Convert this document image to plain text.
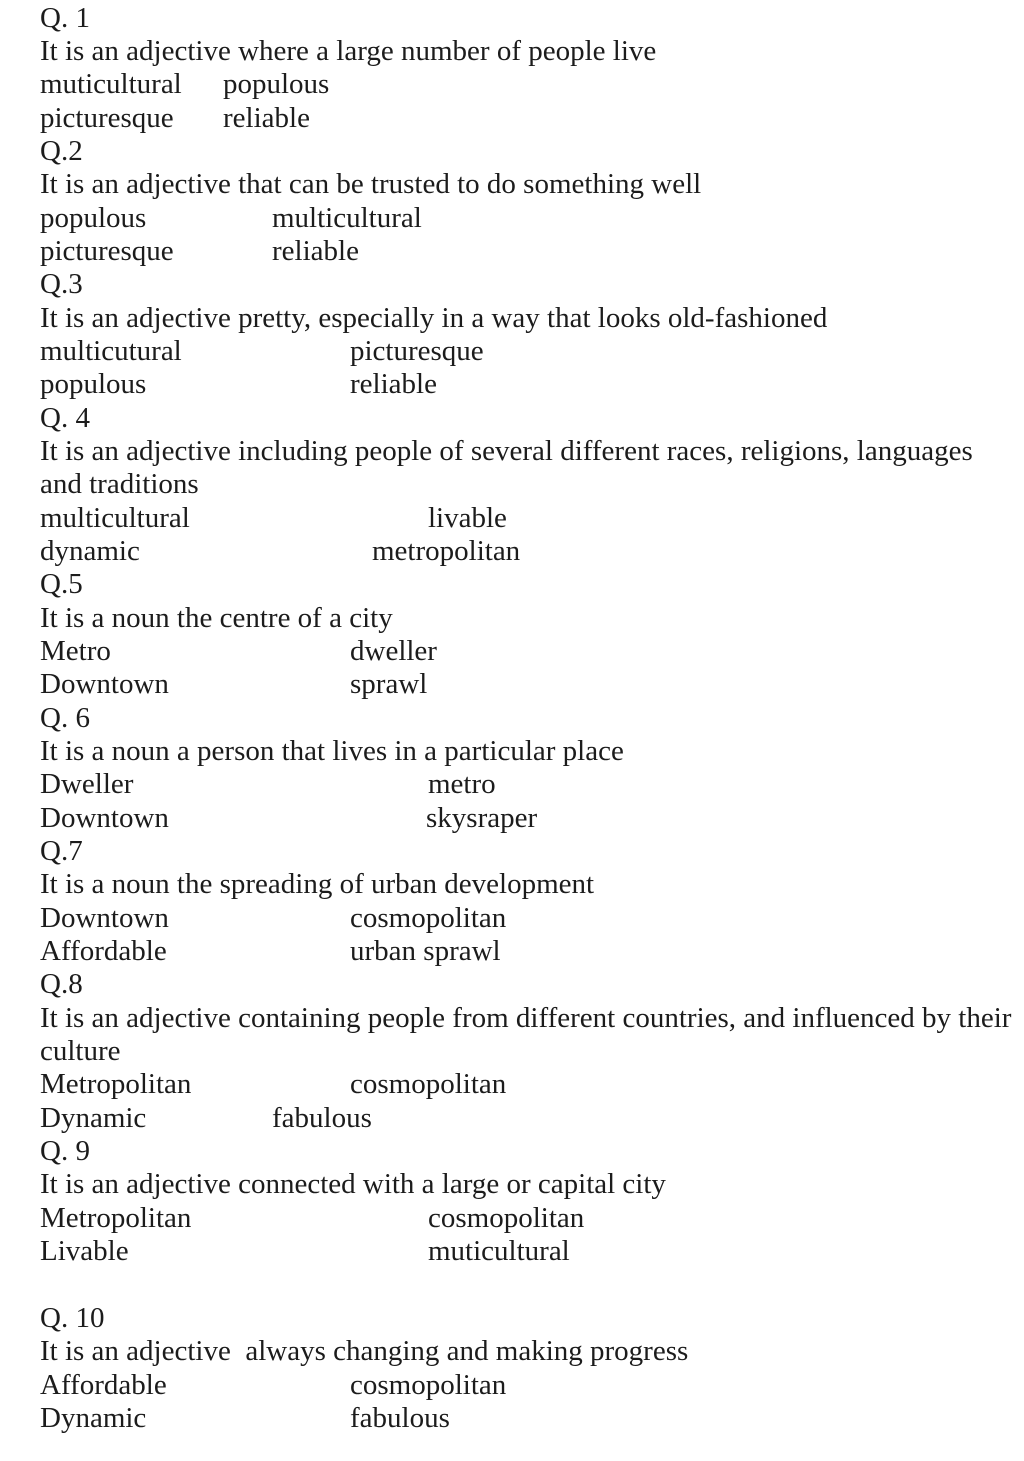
Q. 1
It is an adjective where a large number of people live
muticultural populous
picturesque reliable
Q.2
It is an adjective that can be trusted to do something well
populous	multicultural
picturesque	reliable
Q.3
It is an adjective pretty, especially in a way that looks old-fashioned
multicutural	picturesque
populous	reliable
Q. 4
It is an adjective including people of several different races, religions, languages and traditions
multicultural	livable
dynamic	metropolitan
Q.5
It is a noun the centre of a city
Metro	dweller
Downtown	sprawl
Q. 6
It is a noun a person that lives in a particular place
Dweller	metro
Downtown	skysraper
Q.7
It is a noun the spreading of urban development
Downtown	cosmopolitan
Affordable	urban sprawl
Q.8
It is an adjective containing people from different countries, and influenced by their culture
Metropolitan	cosmopolitan
Dynamic	fabulous
Q. 9
It is an adjective connected with a large or capital city
Metropolitan	cosmopolitan
Livable	muticultural
Q. 10
It is an adjective  always changing and making progress
Affordable	cosmopolitan
Dynamic	fabulous
